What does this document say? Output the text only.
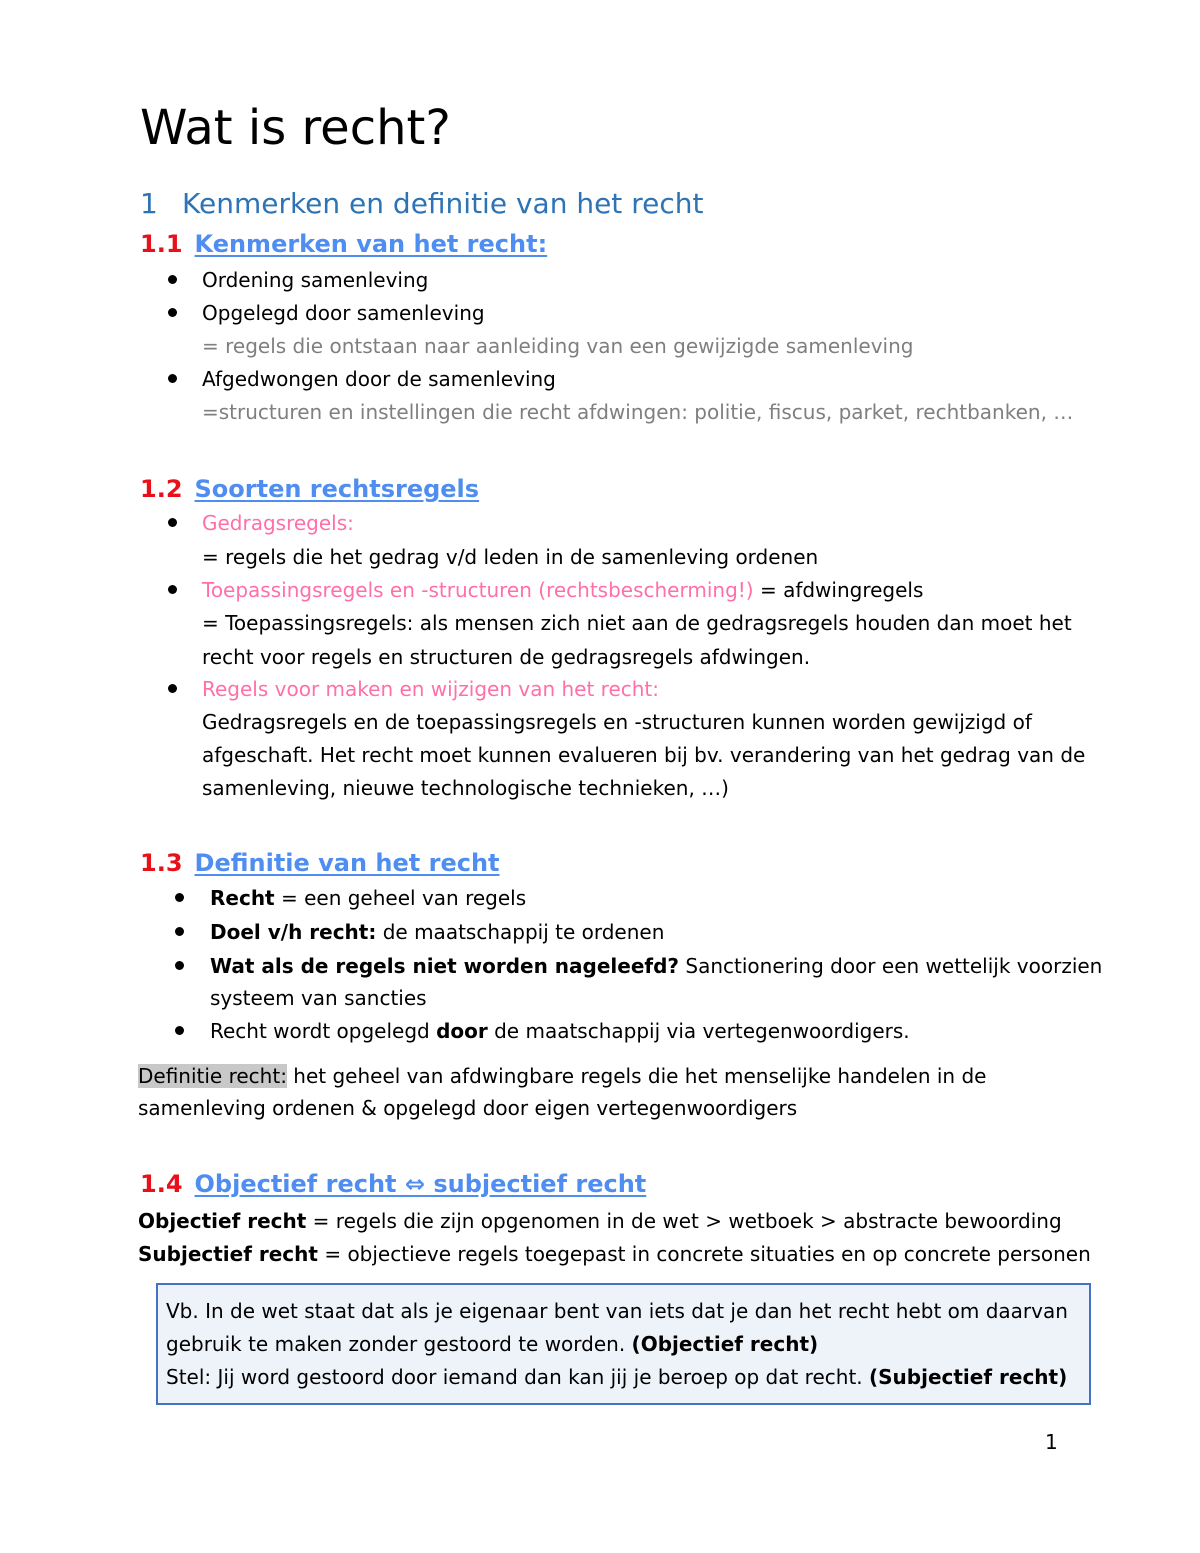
Wat is recht?
1 Kenmerken en definitie van het recht
1.1 Kenmerken van het recht:
Ordening samenleving
Opgelegd door samenleving
= regels die ontstaan naar aanleiding van een gewijzigde samenleving
Afgedwongen door de samenleving
=structuren en instellingen die recht afdwingen: politie, fiscus, parket, rechtbanken, …
1.2 Soorten rechtsregels
Gedragsregels:
= regels die het gedrag v/d leden in de samenleving ordenen
Toepassingsregels en -structuren (rechtsbescherming!) = afdwingregels
= Toepassingsregels: als mensen zich niet aan de gedragsregels houden dan moet het
recht voor regels en structuren de gedragsregels afdwingen.
Regels voor maken en wijzigen van het recht:
Gedragsregels en de toepassingsregels en -structuren kunnen worden gewijzigd of
afgeschaft. Het recht moet kunnen evalueren bij bv. verandering van het gedrag van de
samenleving, nieuwe technologische technieken, …)
1.3 Definitie van het recht
Recht = een geheel van regels
Doel v/h recht: de maatschappij te ordenen
Wat als de regels niet worden nageleefd? Sanctionering door een wettelijk voorzien
systeem van sancties
Recht wordt opgelegd door de maatschappij via vertegenwoordigers.
Definitie recht: het geheel van afdwingbare regels die het menselijke handelen in de
samenleving ordenen & opgelegd door eigen vertegenwoordigers
1.4 Objectief recht ⇔ subjectief recht
Objectief recht = regels die zijn opgenomen in de wet > wetboek > abstracte bewoording
Subjectief recht = objectieve regels toegepast in concrete situaties en op concrete personen
Vb. In de wet staat dat als je eigenaar bent van iets dat je dan het recht hebt om daarvan
gebruik te maken zonder gestoord te worden. (Objectief recht)
Stel: Jij word gestoord door iemand dan kan jij je beroep op dat recht. (Subjectief recht)
1
